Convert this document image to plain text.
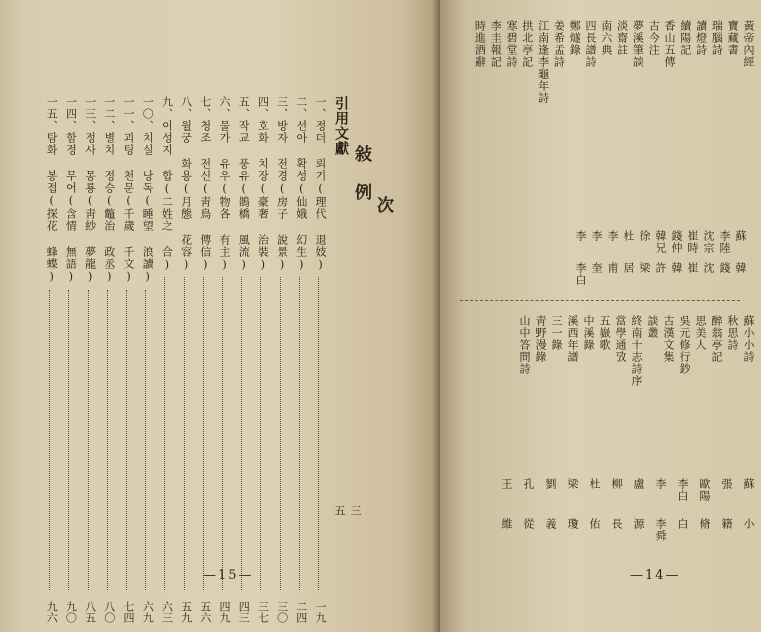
敍　例
次
三
引用文獻
五
一、정더 뢰기(理代 退妓)
一九
二、선아 확성(仙娥 幻生)
二四
三、방자 전경(房子 說景)
三〇
四、호화 치장(豪奢 治裝)
三七
五、작교 풍유(鵲橋 風流)
四三
六、물가 유우(物各 有主)
四九
七、청조 전신(靑鳥 傳信)
五六
八、월궁 화용(月態 花容)
五九
九、이성지 합(二姓之 合)
六三
一〇、치실 낭독(睡望 浪讀)
六九
一一、괴팅 천문(千歲 千文)
七四
一二、별치 정승(鼈治 政丞)
八〇
一三、정사 몽룡(靑紗 夢龍)
八五
一四、함정 무어(含情 無語)
九〇
一五、탐화 봉접(探花 蜂蝶)
九六
—15—
黃帝內經
寶藏書
瑞腦詩
讀燈詩
續陽記
香山五傳
古今注
夢溪筆談
淡齋註
南六典
四長譜詩
鄭燧錄
姜希孟詩
江南逢李龜年詩
拱北亭記
寒碧堂詩
李圭報記
時進酒辭
蘇
李陸
沈宗
崔時
錢仲
韓兄
徐
杜
李
李
李
韓
錢
沈
崔
韓
許
梁
居
甫
奎
李白
蘇小小詩
秋思詩
醉翁亭記
思美人
吳元修行鈔
古漢文集
談叢
終南十志詩序
當學通攷
五嶽歌
中溪錄
溪西年譜
三一錄
靑野漫錄
山中答問詩
蘇
張
歐陽
李白
李
盧
柳
杜
梁
劉
孔
王
小
籍
脩
白
李舜
源
長
佑
瓊
義
從
維
—14—
